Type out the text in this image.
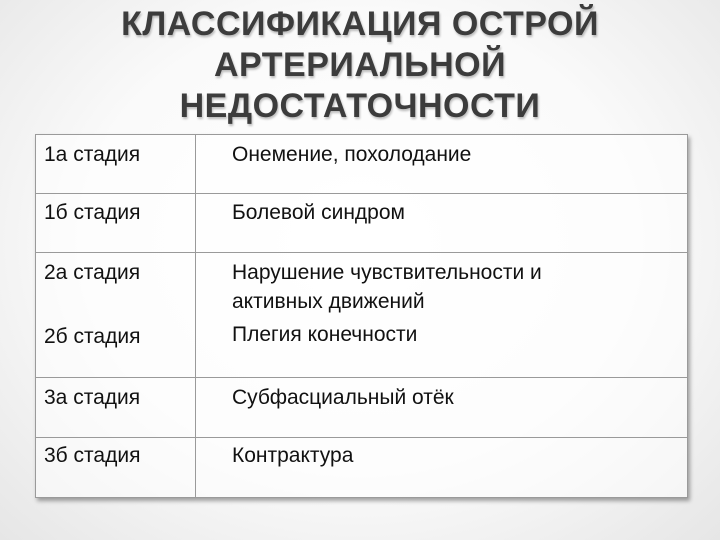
КЛАССИФИКАЦИЯ ОСТРОЙ
АРТЕРИАЛЬНОЙ
НЕДОСТАТОЧНОСТИ
1а стадия	Онемение, похолодание
1б стадия	Болевой синдром
2а стадия	Нарушение чувствительности и
активных движений
2б стадия	Плегия конечности
3а стадия	Субфасциальный отёк
3б стадия	Контрактура
